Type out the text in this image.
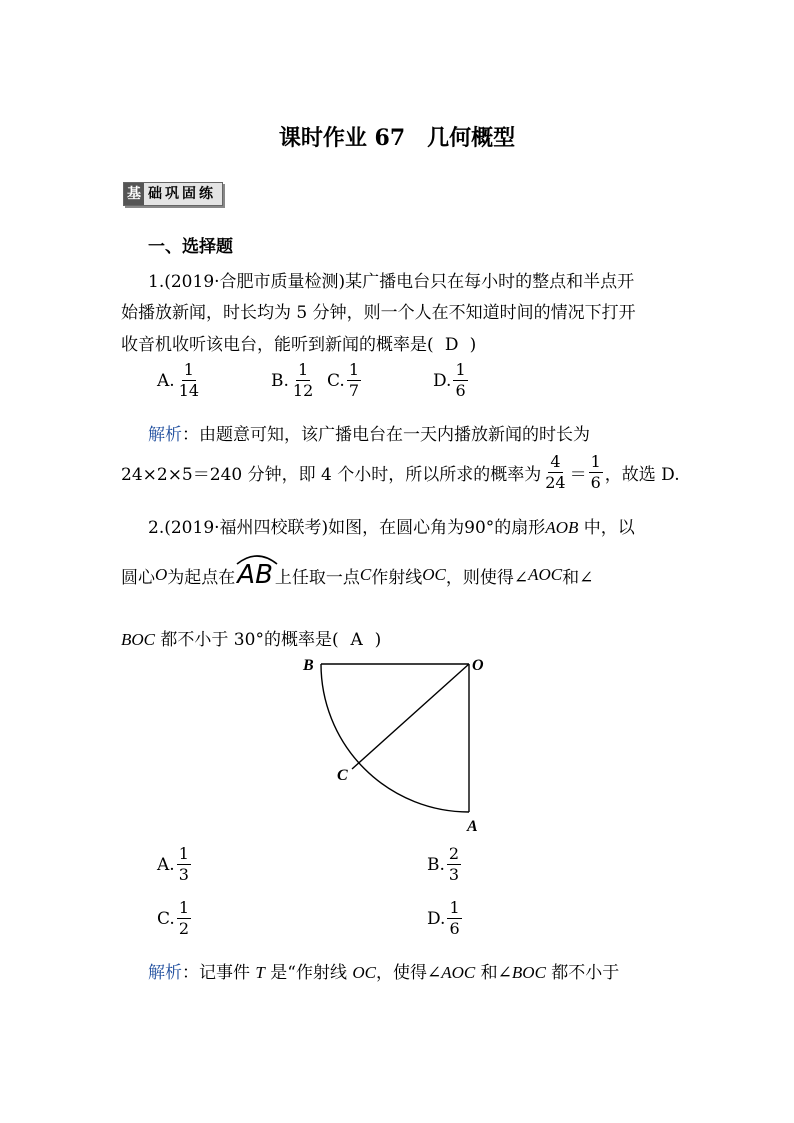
课时作业 67　几何概型
基 础巩固练
一、选择题
1.(2019·合肥市质量检测)某广播电台只在每小时的整点和半点开
始播放新闻，时长均为 5 分钟，则一个人在不知道时间的情况下打开
收音机收听该电台，能听到新闻的概率是( D )
A. $\frac{1}{14}$	B. $\frac{1}{12} C$. $\frac{1}{7}$	D. $\frac{1}{6}$
解析：由题意可知，该广播电台在一天内播放新闻的时长为
24×2×5＝240 分钟，即 4 个小时，所以所求的概率为 $\frac{4}{24} = \frac{1}{6}$ ，故选 D.
2.(2019·福州四校联考)如图，在圆心角为90°的扇形AOB 中，以
圆心 O 为起点在 AB 上任取一点 C 作射线 OC ，则使得∠ AOC 和∠
BOC 都不小于 30°的概率是( A )
B	O
C
A
A. $\frac{1}{3}$	B. $\frac{2}{3}$
C. $\frac{1}{2}$	D. $\frac{1}{6}$
解析：记事件 T 是“作射线 OC，使得∠AOC 和∠BOC 都不小于
